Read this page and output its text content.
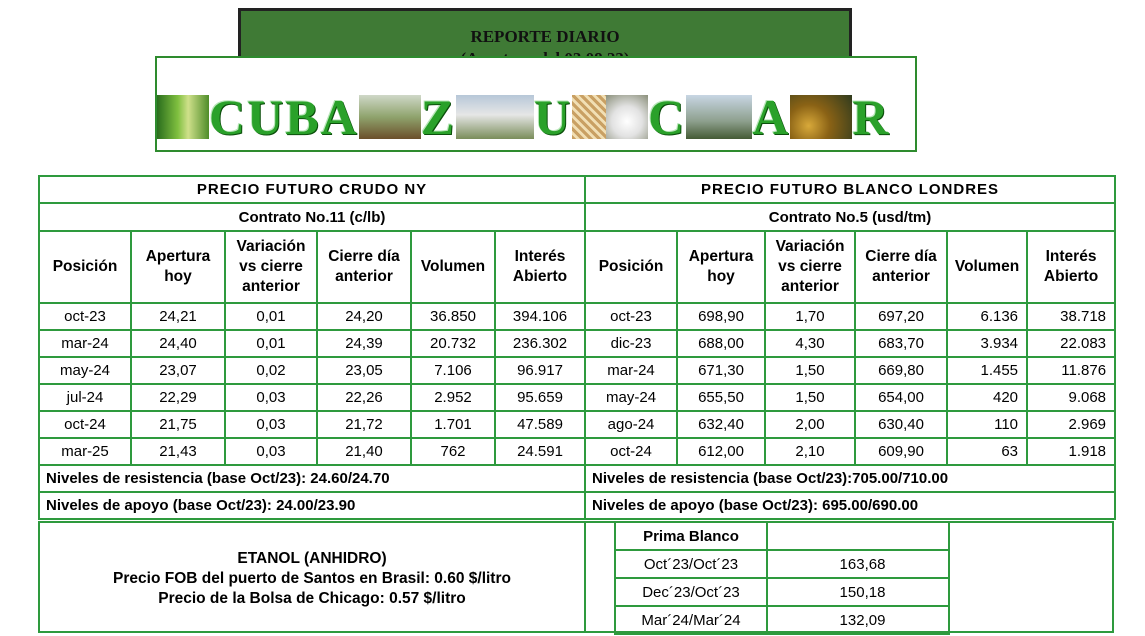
REPORTE DIARIO
CUBA Z U C A R
PRECIO FUTURO CRUDO NY						PRECIO FUTURO BLANCO LONDRES					
Contrato No.11 (c/lb)						Contrato No.5 (usd/tm)					
Posición	Apertura hoy	Variación vs cierre anterior	Cierre día anterior	Volumen	Interés Abierto	Posición	Apertura hoy	Variación vs cierre anterior	Cierre día anterior	Volumen	Interés Abierto
oct-23	24,21	0,01	24,20	36.850	394.106	oct-23	698,90	1,70	697,20	6.136	38.718
mar-24	24,40	0,01	24,39	20.732	236.302	dic-23	688,00	4,30	683,70	3.934	22.083
may-24	23,07	0,02	23,05	7.106	96.917	mar-24	671,30	1,50	669,80	1.455	11.876
jul-24	22,29	0,03	22,26	2.952	95.659	may-24	655,50	1,50	654,00	420	9.068
oct-24	21,75	0,03	21,72	1.701	47.589	ago-24	632,40	2,00	630,40	110	2.969
mar-25	21,43	0,03	21,40	762	24.591	oct-24	612,00	2,10	609,90	63	1.918
Niveles de resistencia (base Oct/23): 24.60/24.70						Niveles de resistencia (base Oct/23):705.00/710.00					
Niveles de apoyo (base Oct/23): 24.00/23.90						Niveles de apoyo (base Oct/23): 695.00/690.00					
ETANOL (ANHIDRO)
Precio FOB del puerto de Santos en Brasil: 0.60 $/litro
Precio de la Bolsa de Chicago: 0.57 $/litro
Prima Blanco	
Oct´23/Oct´23	163,68
Dec´23/Oct´23	150,18
Mar´24/Mar´24	132,09
